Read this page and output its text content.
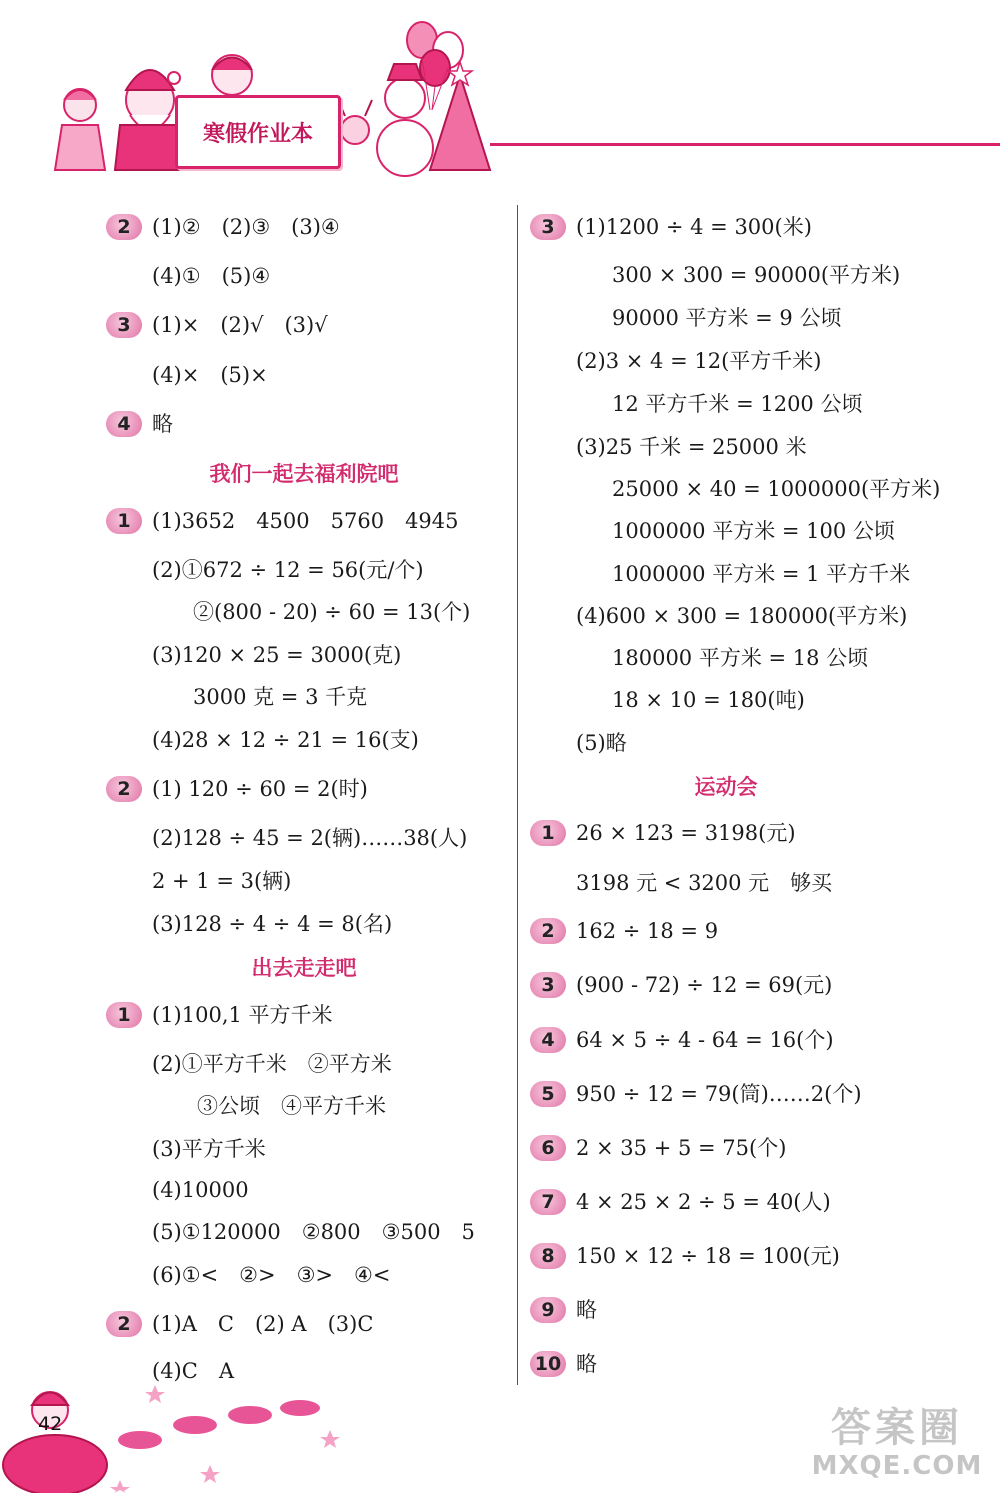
寒假作业本
2	(1)②　(2)③　(3)④
(4)①　(5)④
3	(1)×　(2)√　(3)√
(4)×　(5)×
4	略
我们一起去福利院吧
1	(1)3652　4500　5760　4945
(2)①672 ÷ 12 = 56(元/个)
②(800 - 20) ÷ 60 = 13(个)
(3)120 × 25 = 3000(克)
3000 克 = 3 千克
(4)28 × 12 ÷ 21 = 16(支)
2	(1) 120 ÷ 60 = 2(时)
(2)128 ÷ 45 = 2(辆)……38(人)
2 + 1 = 3(辆)
(3)128 ÷ 4 ÷ 4 = 8(名)
出去走走吧
1	(1)100,1 平方千米
(2)①平方千米　②平方米
③公顷　④平方千米
(3)平方千米
(4)10000
(5)①120000　②800　③500　5
(6)①<　②>　③>　④<
2	(1)A　C　(2) A　(3)C
(4)C　A
3	(1)1200 ÷ 4 = 300(米)
300 × 300 = 90000(平方米)
90000 平方米 = 9 公顷
(2)3 × 4 = 12(平方千米)
12 平方千米 = 1200 公顷
(3)25 千米 = 25000 米
25000 × 40 = 1000000(平方米)
1000000 平方米 = 100 公顷
1000000 平方米 = 1 平方千米
(4)600 × 300 = 180000(平方米)
180000 平方米 = 18 公顷
18 × 10 = 180(吨)
(5)略
运动会
1	26 × 123 = 3198(元)
3198 元 < 3200 元　够买
2	162 ÷ 18 = 9
3	(900 - 72) ÷ 12 = 69(元)
4	64 × 5 ÷ 4 - 64 = 16(个)
5	950 ÷ 12 = 79(筒)……2(个)
6	2 × 35 + 5 = 75(个)
7	4 × 25 × 2 ÷ 5 = 40(人)
8	150 × 12 ÷ 18 = 100(元)
9	略
10 略
42	答案圈
MXQE.COM
